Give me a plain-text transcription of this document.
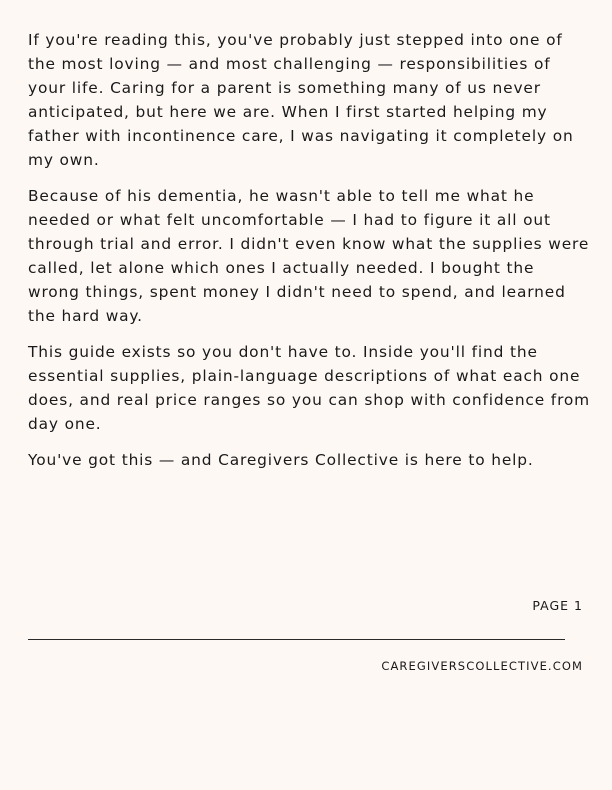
If you're reading this, you've probably just stepped into one of the most loving — and most challenging — responsibilities of your life. Caring for a parent is something many of us never anticipated, but here we are. When I first started helping my father with incontinence care, I was navigating it completely on my own.

Because of his dementia, he wasn't able to tell me what he needed or what felt uncomfortable — I had to figure it all out through trial and error. I didn't even know what the supplies were called, let alone which ones I actually needed. I bought the wrong things, spent money I didn't need to spend, and learned the hard way.

This guide exists so you don't have to. Inside you'll find the essential supplies, plain-language descriptions of what each one does, and real price ranges so you can shop with confidence from day one.

You've got this — and Caregivers Collective is here to help.

PAGE 1
CAREGIVERSCOLLECTIVE.COM
